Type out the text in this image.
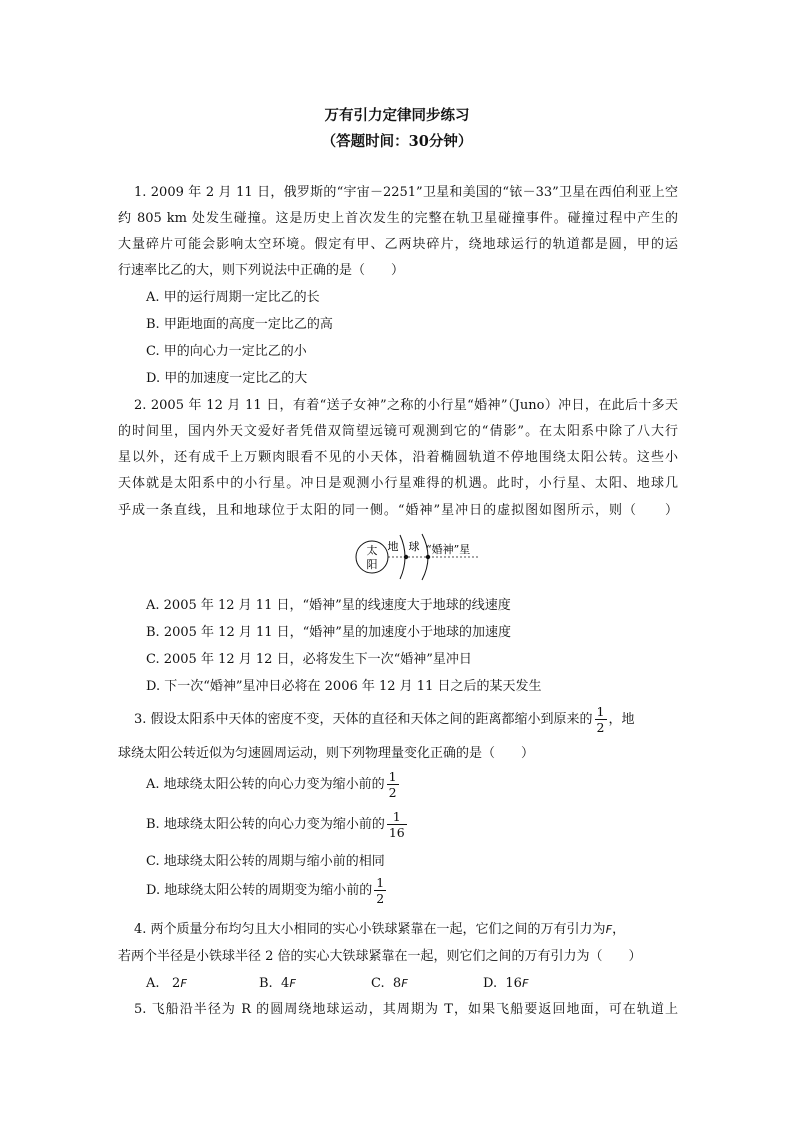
万有引力定律同步练习
（答题时间：30分钟）
1. 2009 年 2 月 11 日，俄罗斯的“宇宙－2251”卫星和美国的“铱－33”卫星在西伯利亚上空
约 805 km 处发生碰撞。这是历史上首次发生的完整在轨卫星碰撞事件。碰撞过程中产生的
大量碎片可能会影响太空环境。假定有甲、乙两块碎片，绕地球运行的轨道都是圆，甲的运
行速率比乙的大，则下列说法中正确的是（　　）
A. 甲的运行周期一定比乙的长
B. 甲距地面的高度一定比乙的高
C. 甲的向心力一定比乙的小
D. 甲的加速度一定比乙的大
2. 2005 年 12 月 11 日，有着“送子女神”之称的小行星“婚神”（Juno）冲日，在此后十多天
的时间里，国内外天文爱好者凭借双筒望远镜可观测到它的“倩影”。在太阳系中除了八大行
星以外，还有成千上万颗肉眼看不见的小天体，沿着椭圆轨道不停地围绕太阳公转。这些小
天体就是太阳系中的小行星。冲日是观测小行星难得的机遇。此时，小行星、太阳、地球几
乎成一条直线，且和地球位于太阳的同一侧。“婚神”星冲日的虚拟图如图所示，则（　　）
太
阳
地 球 “婚神”星
A. 2005 年 12 月 11 日，“婚神”星的线速度大于地球的线速度
B. 2005 年 12 月 11 日，“婚神”星的加速度小于地球的加速度
C. 2005 年 12 月 12 日，必将发生下一次“婚神”星冲日
D. 下一次“婚神”星冲日必将在 2006 年 12 月 11 日之后的某天发生
3. 假设太阳系中天体的密度不变，天体的直径和天体之间的距离都缩小到原来的 $\frac{1}{2}$ ，地
球绕太阳公转近似为匀速圆周运动，则下列物理量变化正确的是（　　）
A. 地球绕太阳公转的向心力变为缩小前的 $\frac{1}{2}$
B. 地球绕太阳公转的向心力变为缩小前的 $\frac{1}{16}$
C. 地球绕太阳公转的周期与缩小前的相同
D. 地球绕太阳公转的周期变为缩小前的 $\frac{1}{2}$
4. 两个质量分布均匀且大小相同的实心小铁球紧靠在一起，它们之间的万有引力为F，
若两个半径是小铁球半径 2 倍的实心大铁球紧靠在一起，则它们之间的万有引力为（　　）
A. 2F	B. 4F	C. 8F	D. 16F
5. 飞船沿半径为 R 的圆周绕地球运动，其周期为 T，如果飞船要返回地面，可在轨道上
